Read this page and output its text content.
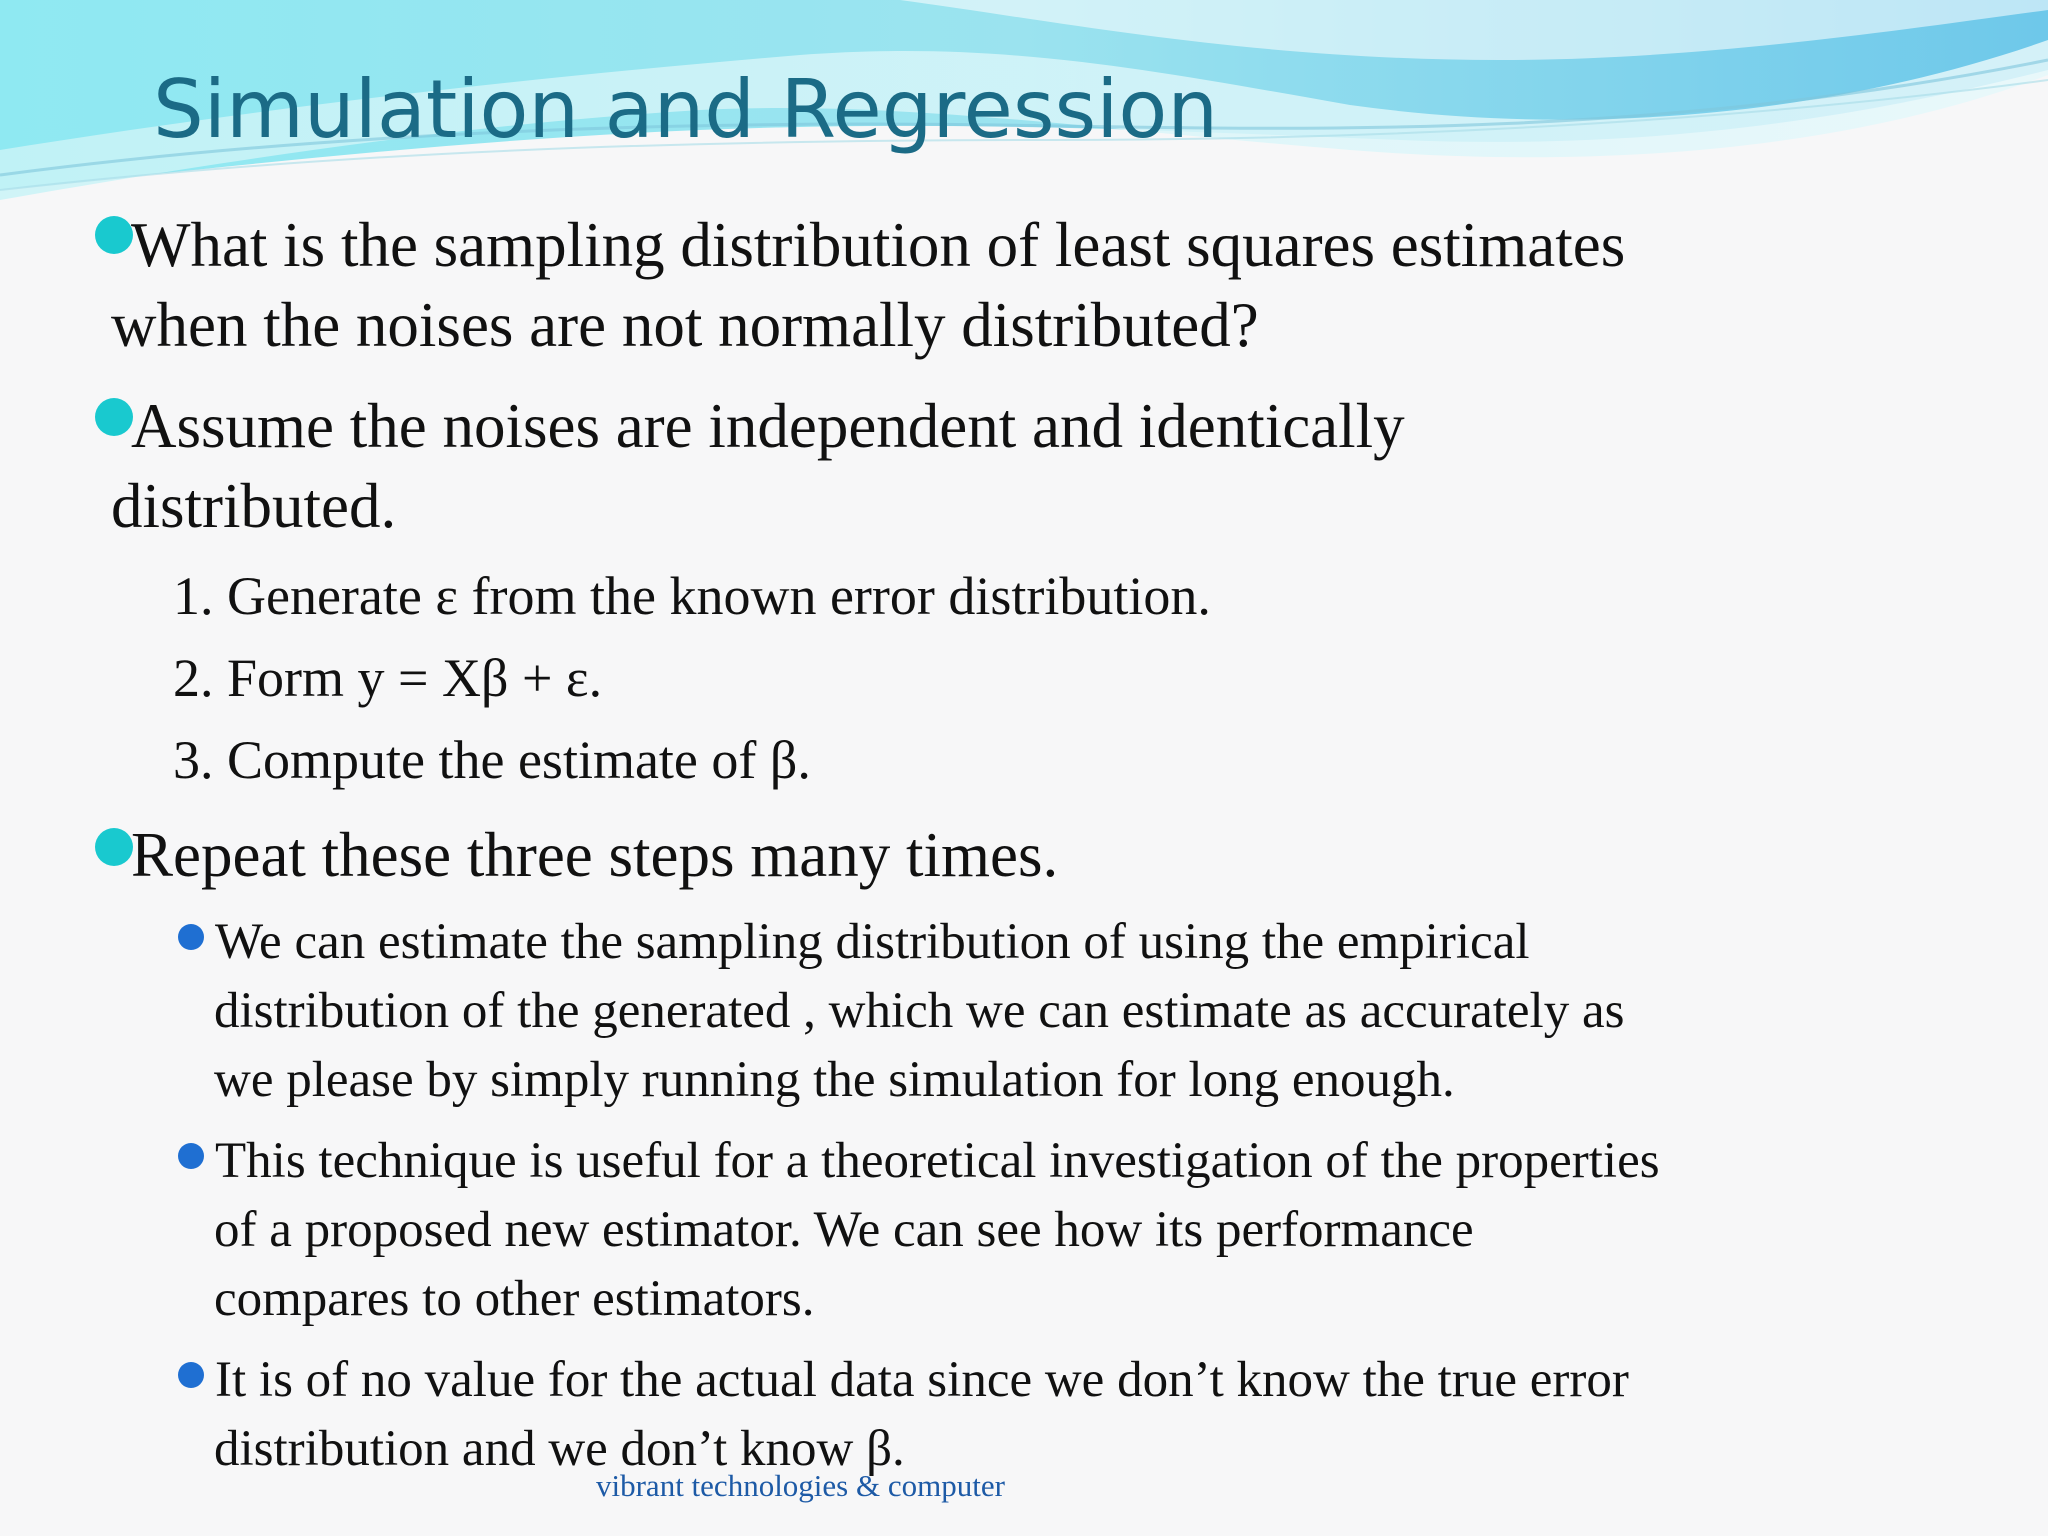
Simulation and Regression
What is the sampling distribution of least squares estimates
when the noises are not normally distributed?
Assume the noises are independent and identically
distributed.
1. Generate ε from the known error distribution.
2. Form y = Xβ + ε.
3. Compute the estimate of β.
Repeat these three steps many times.
We can estimate the sampling distribution of using the empirical
distribution of the generated , which we can estimate as accurately as
we please by simply running the simulation for long enough.
This technique is useful for a theoretical investigation of the properties
of a proposed new estimator. We can see how its performance
compares to other estimators.
It is of no value for the actual data since we don’t know the true error
distribution and we don’t know β.
vibrant technologies & computer
